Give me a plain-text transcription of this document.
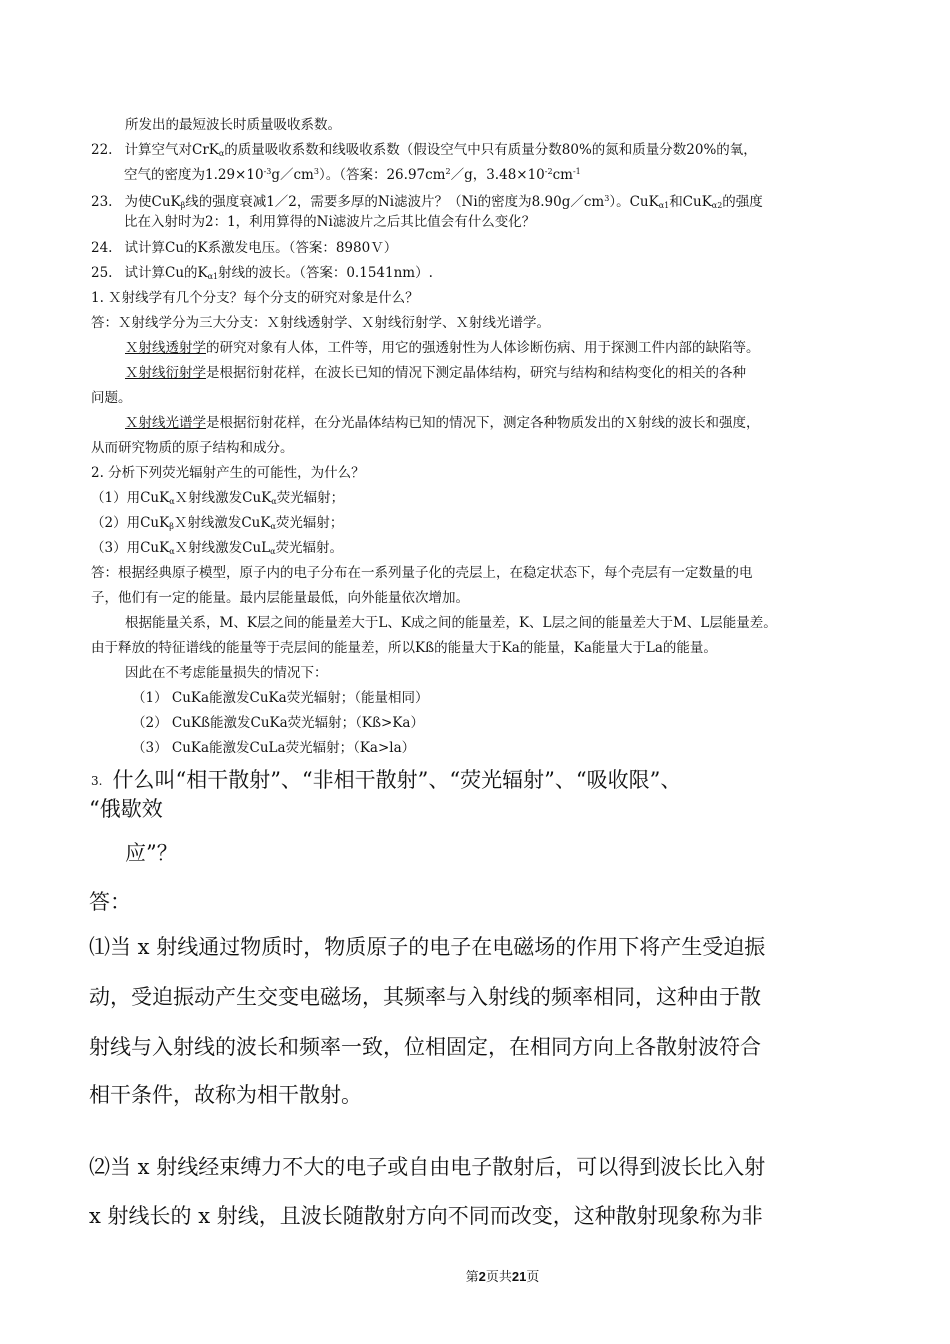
所发出的最短波长时质量吸收系数。
22. 计算空气对CrK$_\alpha$的质量吸收系数和线吸收系数（假设空气中只有质量分数80%的氮和质量分数20%的氧，
空气的密度为$1.29\times 10^{-3}g/cm^3$）。（答案：$26.97cm^2/g$，$3.48\times 10^{-2}cm^{-1}$
23. 为使CuK$_\beta$线的强度衰减1／2，需要多厚的Ni滤波片？（Ni的密度为$8.90g/cm^3$）。CuK$_{\alpha 1}$和CuK$_{\alpha 2}$的强度
比在入射时为2：1，利用算得的Ni滤波片之后其比值会有什么变化？
24. 试计算Cu的K系激发电压。（答案：8980Ｖ）
25. 试计算Cu的$K_{\alpha 1}$射线的波长。（答案：0.1541nm）.
1. Ｘ射线学有几个分支？每个分支的研究对象是什么？
答：Ｘ射线学分为三大分支：Ｘ射线透射学、Ｘ射线衍射学、Ｘ射线光谱学。
Ｘ射线透射学的研究对象有人体，工件等，用它的强透射性为人体诊断伤病、用于探测工件内部的缺陷等。
Ｘ射线衍射学是根据衍射花样，在波长已知的情况下测定晶体结构，研究与结构和结构变化的相关的各种
问题。
Ｘ射线光谱学是根据衍射花样，在分光晶体结构已知的情况下，测定各种物质发出的Ｘ射线的波长和强度，
从而研究物质的原子结构和成分。
2. 分析下列荧光辐射产生的可能性，为什么？
（1）用CuK$_\alpha$Ｘ射线激发CuK$_\alpha$荧光辐射；
（2）用CuK$_\beta$Ｘ射线激发CuK$_\alpha$荧光辐射；
（3）用CuK$_\alpha$Ｘ射线激发CuL$_\alpha$荧光辐射。
答：根据经典原子模型，原子内的电子分布在一系列量子化的壳层上，在稳定状态下，每个壳层有一定数量的电
子，他们有一定的能量。最内层能量最低，向外能量依次增加。
根据能量关系，M、K层之间的能量差大于L、K成之间的能量差，K、L层之间的能量差大于M、L层能量差。
由于释放的特征谱线的能量等于壳层间的能量差，所以Kß的能量大于Ka的能量，Ka能量大于La的能量。
因此在不考虑能量损失的情况下：
（1） CuKa能激发CuKa荧光辐射；（能量相同）
（2） CuKß能激发CuKa荧光辐射；（Kß>Ka）
（3） CuKa能激发CuLa荧光辐射；（Ka>la）
3. 什么叫“相干散射”、“非相干散射”、“荧光辐射”、“吸收限”、
“俄歇效
应”？
答：
⑴当 x 射线通过物质时，物质原子的电子在电磁场的作用下将产生受迫振
动，受迫振动产生交变电磁场，其频率与入射线的频率相同，这种由于散
射线与入射线的波长和频率一致，位相固定，在相同方向上各散射波符合
相干条件，故称为相干散射。
⑵当 x 射线经束缚力不大的电子或自由电子散射后，可以得到波长比入射
x 射线长的 x 射线，且波长随散射方向不同而改变，这种散射现象称为非
第2页共21页
